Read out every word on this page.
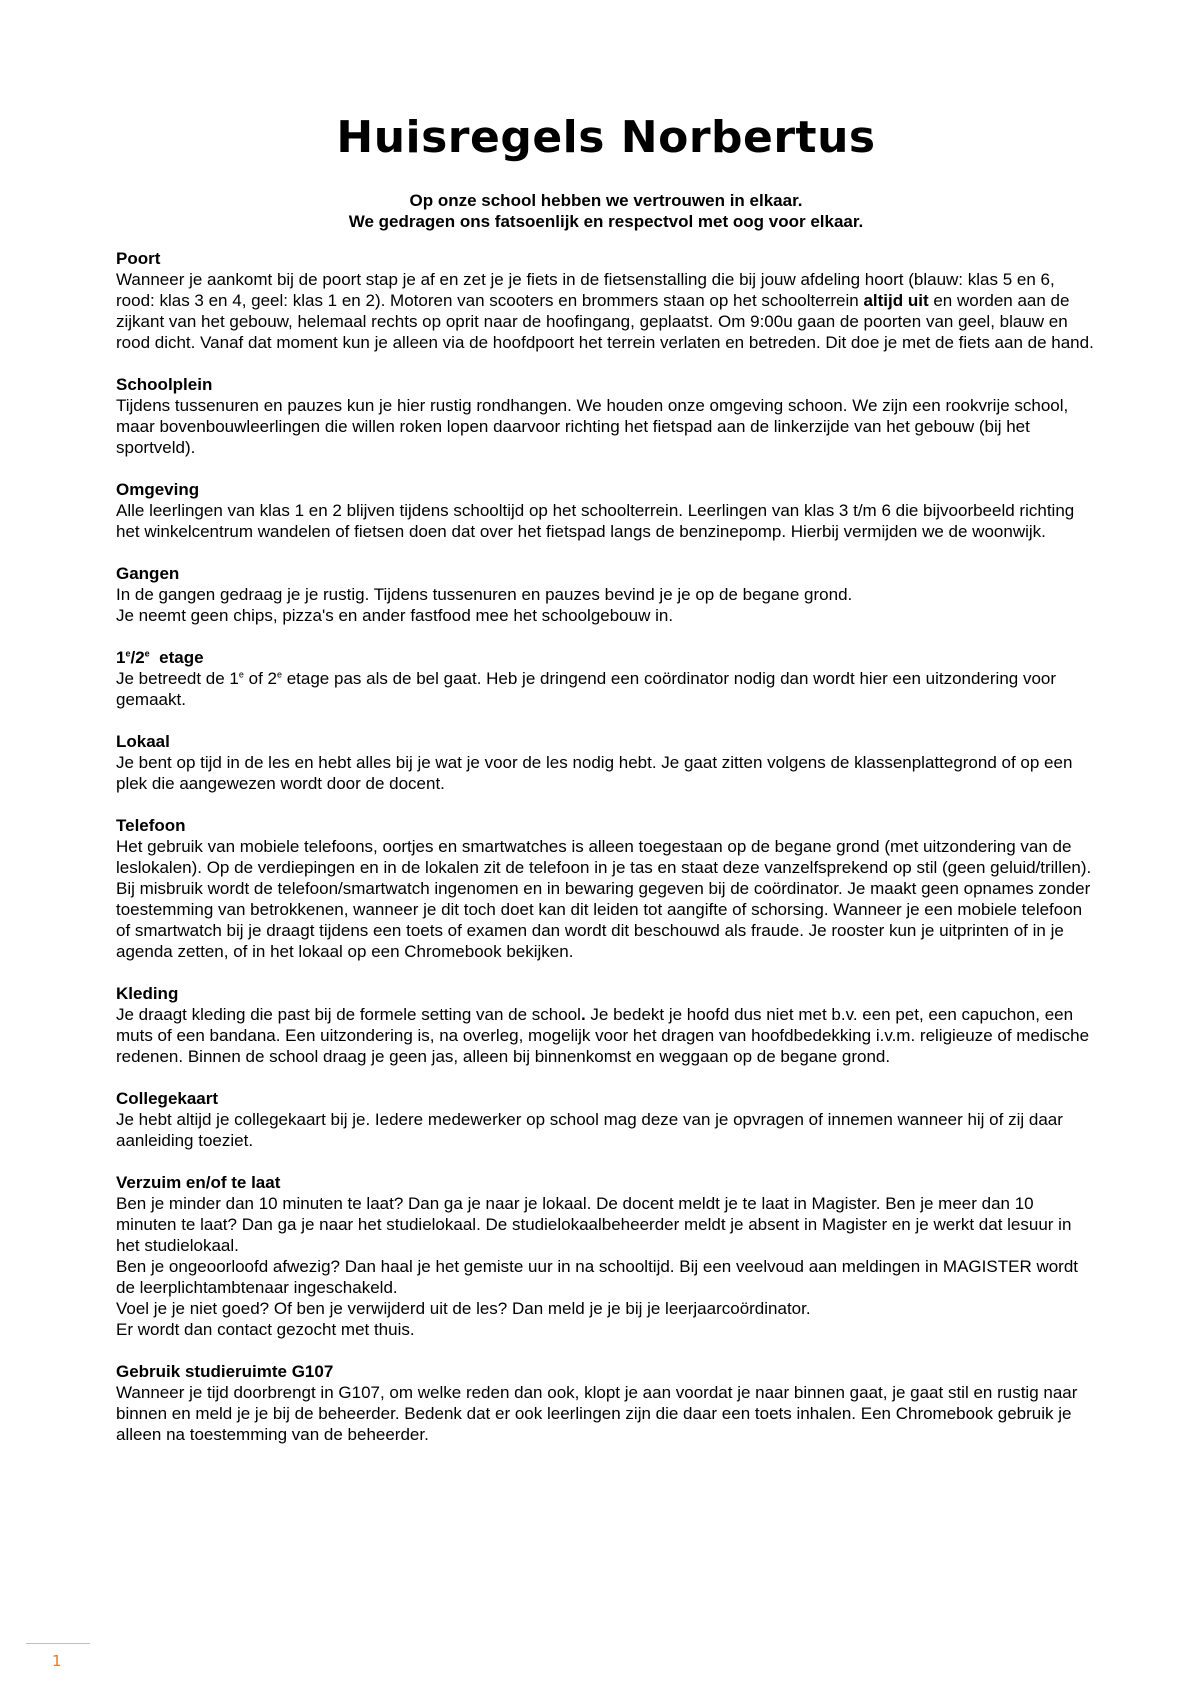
Huisregels Norbertus
Op onze school hebben we vertrouwen in elkaar.
We gedragen ons fatsoenlijk en respectvol met oog voor elkaar.
Poort

Wanneer je aankomt bij de poort stap je af en zet je je fiets in de fietsenstalling die bij jouw afdeling hoort (blauw: klas 5 en 6, rood: klas 3 en 4, geel: klas 1 en 2). Motoren van scooters en brommers staan op het schoolterrein altijd uit en worden aan de zijkant van het gebouw, helemaal rechts op oprit naar de hoofingang, geplaatst. Om 9:00u gaan de poorten van geel, blauw en rood dicht. Vanaf dat moment kun je alleen via de hoofdpoort het terrein verlaten en betreden. Dit doe je met de fiets aan de hand.

Schoolplein

Tijdens tussenuren en pauzes kun je hier rustig rondhangen. We houden onze omgeving schoon. We zijn een rookvrije school, maar bovenbouwleerlingen die willen roken lopen daarvoor richting het fietspad aan de linkerzijde van het gebouw (bij het sportveld).

Omgeving

Alle leerlingen van klas 1 en 2 blijven tijdens schooltijd op het schoolterrein. Leerlingen van klas 3 t/m 6 die bijvoorbeeld richting het winkelcentrum wandelen of fietsen doen dat over het fietspad langs de benzinepomp. Hierbij vermijden we de woonwijk.

Gangen

In de gangen gedraag je je rustig. Tijdens tussenuren en pauzes bevind je je op de begane grond.

Je neemt geen chips, pizza's en ander fastfood mee het schoolgebouw in.

1e/2e  etage

Je betreedt de 1e of 2e etage pas als de bel gaat. Heb je dringend een coördinator nodig dan wordt hier een uitzondering voor gemaakt.

Lokaal

Je bent op tijd in de les en hebt alles bij je wat je voor de les nodig hebt. Je gaat zitten volgens de klassenplattegrond of op een plek die aangewezen wordt door de docent.

Telefoon

Het gebruik van mobiele telefoons, oortjes en smartwatches is alleen toegestaan op de begane grond (met uitzondering van de leslokalen). Op de verdiepingen en in de lokalen zit de telefoon in je tas en staat deze vanzelfsprekend op stil (geen geluid/trillen). Bij misbruik wordt de telefoon/smartwatch ingenomen en in bewaring gegeven bij de coördinator. Je maakt geen opnames zonder toestemming van betrokkenen, wanneer je dit toch doet kan dit leiden tot aangifte of schorsing. Wanneer je een mobiele telefoon of smartwatch bij je draagt tijdens een toets of examen dan wordt dit beschouwd als fraude. Je rooster kun je uitprinten of in je agenda zetten, of in het lokaal op een Chromebook bekijken.

Kleding

Je draagt kleding die past bij de formele setting van de school. Je bedekt je hoofd dus niet met b.v. een pet, een capuchon, een muts of een bandana. Een uitzondering is, na overleg, mogelijk voor het dragen van hoofdbedekking i.v.m. religieuze of medische redenen. Binnen de school draag je geen jas, alleen bij binnenkomst en weggaan op de begane grond.

Collegekaart

Je hebt altijd je collegekaart bij je. Iedere medewerker op school mag deze van je opvragen of innemen wanneer hij of zij daar aanleiding toeziet.

Verzuim en/of te laat

Ben je minder dan 10 minuten te laat? Dan ga je naar je lokaal. De docent meldt je te laat in Magister. Ben je meer dan 10 minuten te laat? Dan ga je naar het studielokaal. De studielokaalbeheerder meldt je absent in Magister en je werkt dat lesuur in het studielokaal.

Ben je ongeoorloofd afwezig? Dan haal je het gemiste uur in na schooltijd. Bij een veelvoud aan meldingen in MAGISTER wordt de leerplichtambtenaar ingeschakeld.

Voel je je niet goed? Of ben je verwijderd uit de les? Dan meld je je bij je leerjaarcoördinator.

Er wordt dan contact gezocht met thuis.

Gebruik studieruimte G107

Wanneer je tijd doorbrengt in G107, om welke reden dan ook, klopt je aan voordat je naar binnen gaat, je gaat stil en rustig naar binnen en meld je je bij de beheerder. Bedenk dat er ook leerlingen zijn die daar een toets inhalen. Een Chromebook gebruik je alleen na toestemming van de beheerder.

1
